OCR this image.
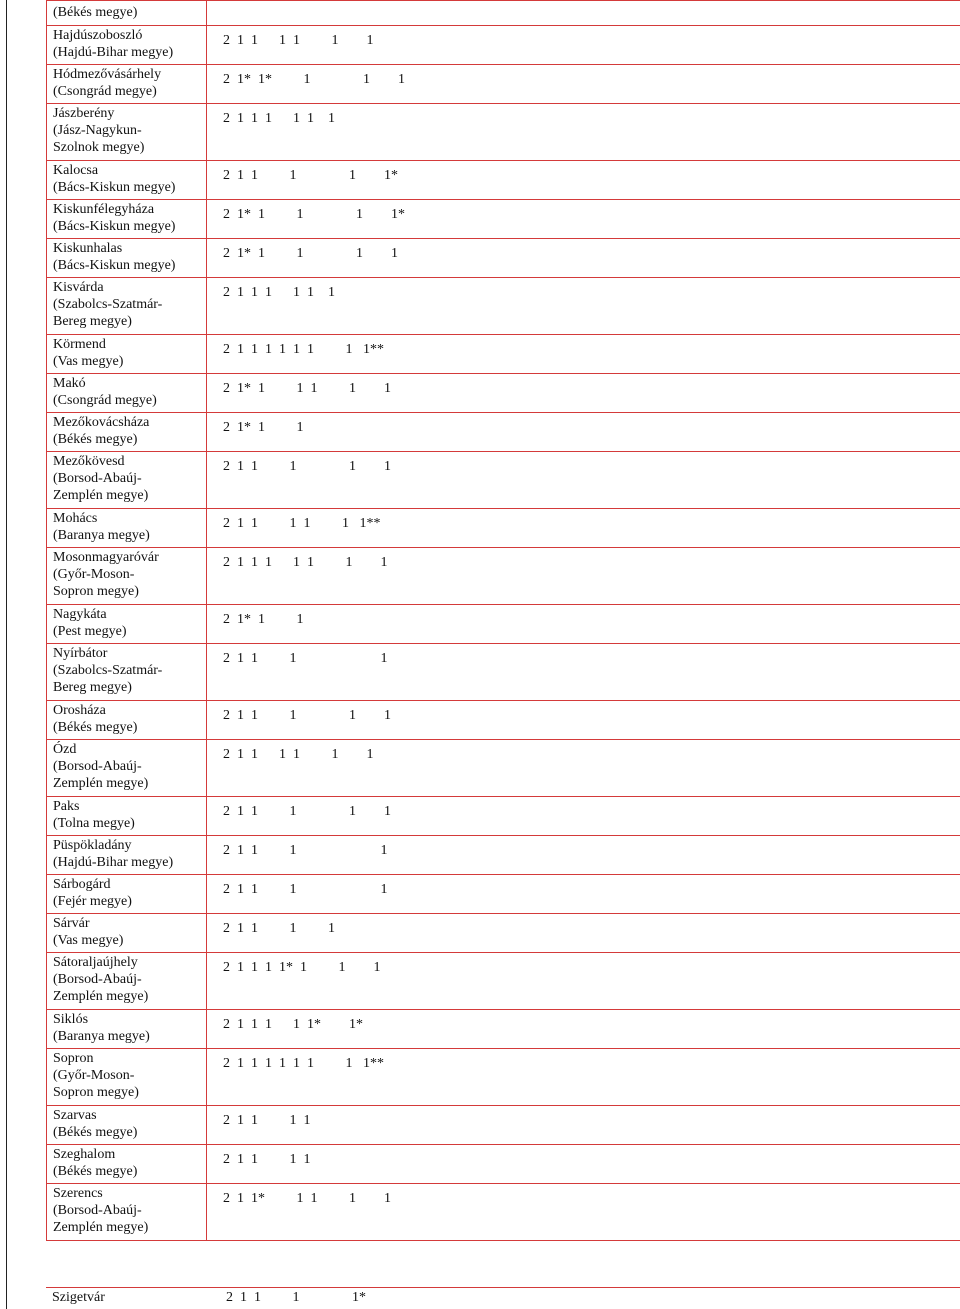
(Békés megye)	

Hajdúszoboszló
(Hajdú-Bihar megye)	2  1  1      1  1         1        1

Hódmezővásárhely
(Csongrád megye)	2  1*  1*         1               1        1

Jászberény
(Jász-Nagykun-
Szolnok megye)	2  1  1  1      1  1    1

Kalocsa
(Bács-Kiskun megye)	2  1  1         1               1        1*

Kiskunfélegyháza
(Bács-Kiskun megye)	2  1*  1         1               1        1*

Kiskunhalas
(Bács-Kiskun megye)	2  1*  1         1               1        1

Kisvárda
(Szabolcs-Szatmár-
Bereg megye)	2  1  1  1      1  1    1

Körmend
(Vas megye)	2  1  1  1  1  1  1         1   1**

Makó
(Csongrád megye)	2  1*  1         1  1         1        1

Mezőkovácsháza
(Békés megye)	2  1*  1         1

Mezőkövesd
(Borsod-Abaúj-
Zemplén megye)	2  1  1         1               1        1

Mohács
(Baranya megye)	2  1  1         1  1         1   1**

Mosonmagyaróvár
(Győr-Moson-
Sopron megye)	2  1  1  1      1  1         1        1

Nagykáta
(Pest megye)	2  1*  1         1

Nyírbátor
(Szabolcs-Szatmár-
Bereg megye)	2  1  1         1                        1

Orosháza
(Békés megye)	2  1  1         1               1        1

Ózd
(Borsod-Abaúj-
Zemplén megye)	2  1  1      1  1         1        1

Paks
(Tolna megye)	2  1  1         1               1        1

Püspökladány
(Hajdú-Bihar megye)	2  1  1         1                        1

Sárbogárd
(Fejér megye)	2  1  1         1                        1

Sárvár
(Vas megye)	2  1  1         1         1

Sátoraljaújhely
(Borsod-Abaúj-
Zemplén megye)	2  1  1  1  1*  1         1        1

Siklós
(Baranya megye)	2  1  1  1      1  1*        1*

Sopron
(Győr-Moson-
Sopron megye)	2  1  1  1  1  1  1         1   1**

Szarvas
(Békés megye)	2  1  1         1  1

Szeghalom
(Békés megye)	2  1  1         1  1

Szerencs
(Borsod-Abaúj-
Zemplén megye)	2  1  1*         1  1         1        1
Szigetvár	2  1  1         1               1*
